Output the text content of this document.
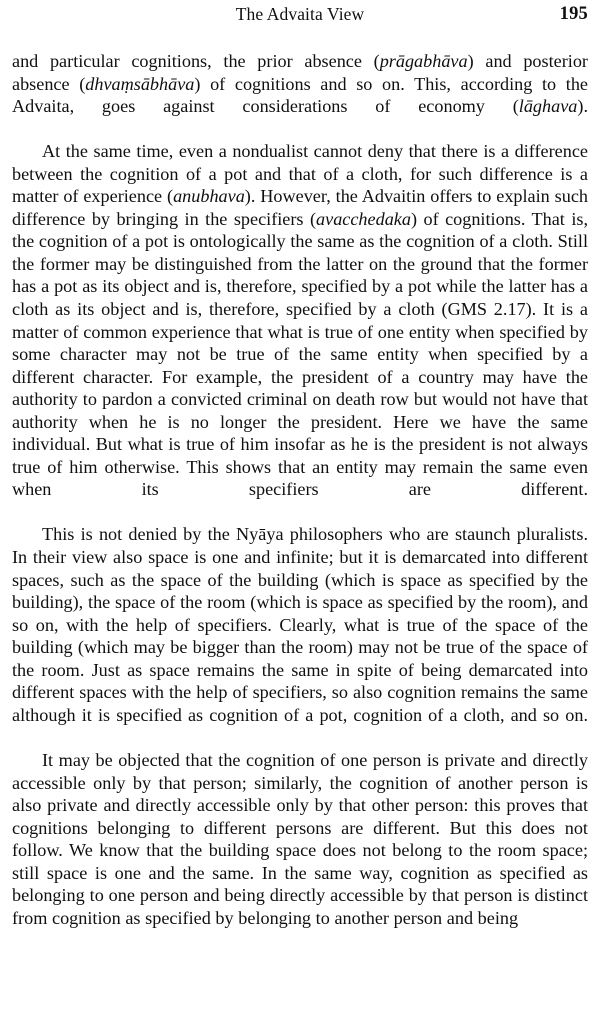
The Advaita View	195

and particular cognitions, the prior absence (prāgabhāva) and posterior absence (dhvaṃsābhāva) of cognitions and so on. This, according to the Advaita, goes against considerations of economy (lāghava).

At the same time, even a nondualist cannot deny that there is a difference between the cognition of a pot and that of a cloth, for such difference is a matter of experience (anubhava). However, the Advaitin offers to explain such difference by bringing in the specifiers (avacchedaka) of cognitions. That is, the cognition of a pot is ontologically the same as the cognition of a cloth. Still the former may be distinguished from the latter on the ground that the former has a pot as its object and is, therefore, specified by a pot while the latter has a cloth as its object and is, therefore, specified by a cloth (GMS 2.17). It is a matter of common experience that what is true of one entity when specified by some character may not be true of the same entity when specified by a different character. For example, the president of a country may have the authority to pardon a convicted criminal on death row but would not have that authority when he is no longer the president. Here we have the same individual. But what is true of him insofar as he is the president is not always true of him otherwise. This shows that an entity may remain the same even when its specifiers are different.

This is not denied by the Nyāya philosophers who are staunch pluralists. In their view also space is one and infinite; but it is demarcated into different spaces, such as the space of the building (which is space as specified by the building), the space of the room (which is space as specified by the room), and so on, with the help of specifiers. Clearly, what is true of the space of the building (which may be bigger than the room) may not be true of the space of the room. Just as space remains the same in spite of being demarcated into different spaces with the help of specifiers, so also cognition remains the same although it is specified as cognition of a pot, cognition of a cloth, and so on.

It may be objected that the cognition of one person is private and directly accessible only by that person; similarly, the cognition of another person is also private and directly accessible only by that other person: this proves that cognitions belonging to different persons are different. But this does not follow. We know that the building space does not belong to the room space; still space is one and the same. In the same way, cognition as specified as belonging to one person and being directly accessible by that person is distinct from cognition as specified by belonging to another person and being
